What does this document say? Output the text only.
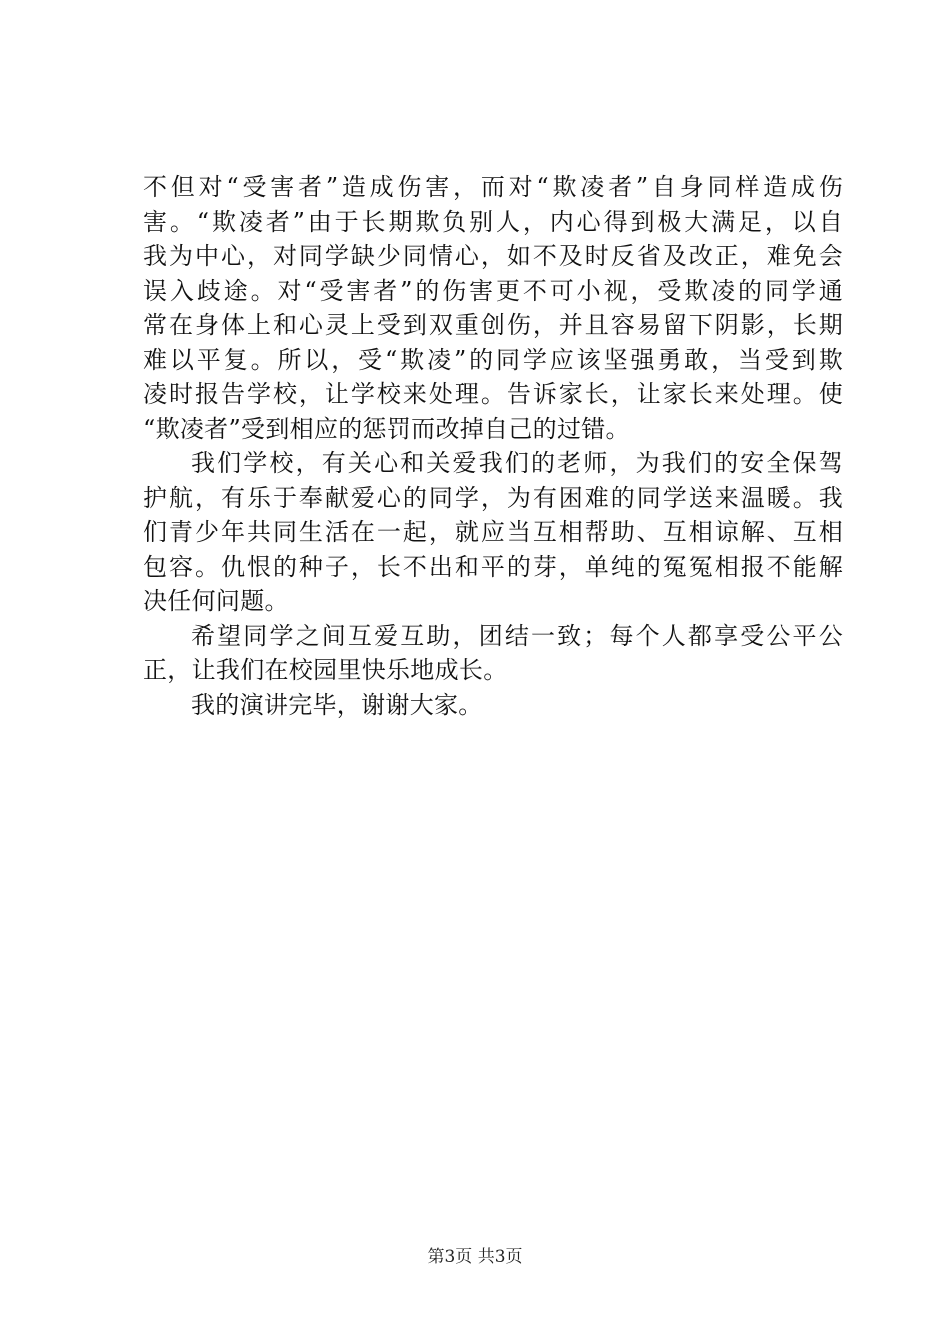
不但对“受害者”造成伤害，而对“欺凌者”自身同样造成伤
害。“欺凌者”由于长期欺负别人，内心得到极大满足，以自
我为中心，对同学缺少同情心，如不及时反省及改正，难免会
误入歧途。对“受害者”的伤害更不可小视，受欺凌的同学通
常在身体上和心灵上受到双重创伤，并且容易留下阴影，长期
难以平复。所以，受“欺凌”的同学应该坚强勇敢，当受到欺
凌时报告学校，让学校来处理。告诉家长，让家长来处理。使
“欺凌者”受到相应的惩罚而改掉自己的过错。
我们学校，有关心和关爱我们的老师，为我们的安全保驾
护航，有乐于奉献爱心的同学，为有困难的同学送来温暖。我
们青少年共同生活在一起，就应当互相帮助、互相谅解、互相
包容。仇恨的种子，长不出和平的芽，单纯的冤冤相报不能解
决任何问题。
希望同学之间互爱互助，团结一致；每个人都享受公平公
正，让我们在校园里快乐地成长。
我的演讲完毕，谢谢大家。
第3页 共3页
